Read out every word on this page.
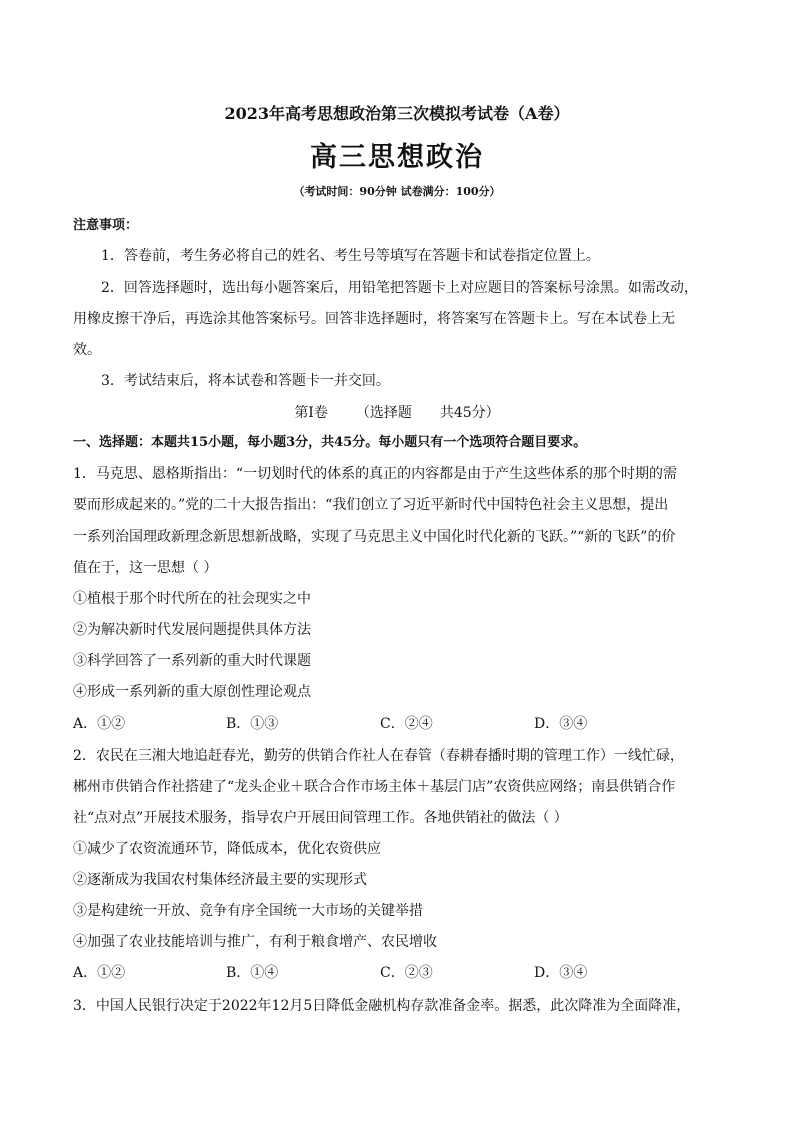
2023年高考思想政治第三次模拟考试卷（A卷）
高三思想政治
（考试时间：90分钟 试卷满分：100分）
注意事项：
1．答卷前，考生务必将自己的姓名、考生号等填写在答题卡和试卷指定位置上。
2．回答选择题时，选出每小题答案后，用铅笔把答题卡上对应题目的答案标号涂黑。如需改动，
用橡皮擦干净后，再选涂其他答案标号。回答非选择题时，将答案写在答题卡上。写在本试卷上无
效。
3．考试结束后，将本试卷和答题卡一并交回。
第Ⅰ卷 （选择题 共45分）
一、选择题：本题共15小题，每小题3分，共45分。每小题只有一个选项符合题目要求。
1．马克思、恩格斯指出：“一切划时代的体系的真正的内容都是由于产生这些体系的那个时期的需
要而形成起来的。”党的二十大报告指出：“我们创立了习近平新时代中国特色社会主义思想，提出
一系列治国理政新理念新思想新战略，实现了马克思主义中国化时代化新的飞跃。”“新的飞跃”的价
值在于，这一思想（ ）
①植根于那个时代所在的社会现实之中
②为解决新时代发展问题提供具体方法
③科学回答了一系列新的重大时代课题
④形成一系列新的重大原创性理论观点
A．①②	B．①③	C．②④	D．③④
2．农民在三湘大地追赶春光，勤劳的供销合作社人在春管（春耕春播时期的管理工作）一线忙碌，
郴州市供销合作社搭建了“龙头企业＋联合合作市场主体＋基层门店”农资供应网络；南县供销合作
社“点对点”开展技术服务，指导农户开展田间管理工作。各地供销社的做法（ ）
①减少了农资流通环节，降低成本，优化农资供应
②逐渐成为我国农村集体经济最主要的实现形式
③是构建统一开放、竞争有序全国统一大市场的关键举措
④加强了农业技能培训与推广，有利于粮食增产、农民增收
A．①②	B．①④	C．②③	D．③④
3．中国人民银行决定于2022年12月5日降低金融机构存款准备金率。据悉，此次降准为全面降准，
